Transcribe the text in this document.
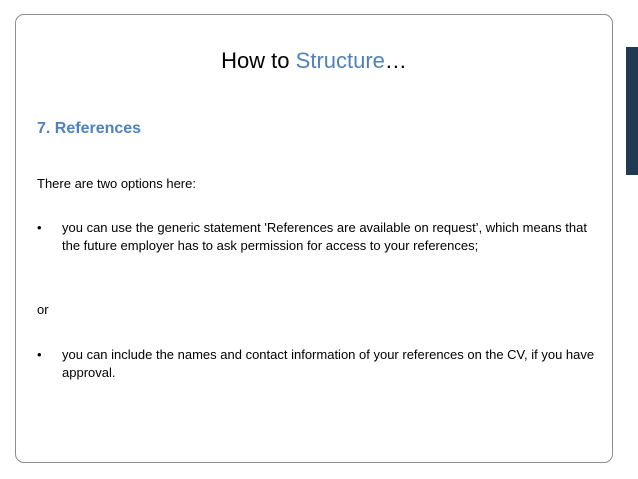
How to Structure…
7. References
There are two options here:
• you can use the generic statement 'References are available on request’, which means that the future employer has to ask permission for access to your references;
or
• you can include the names and contact information of your references on the CV, if you have approval.
